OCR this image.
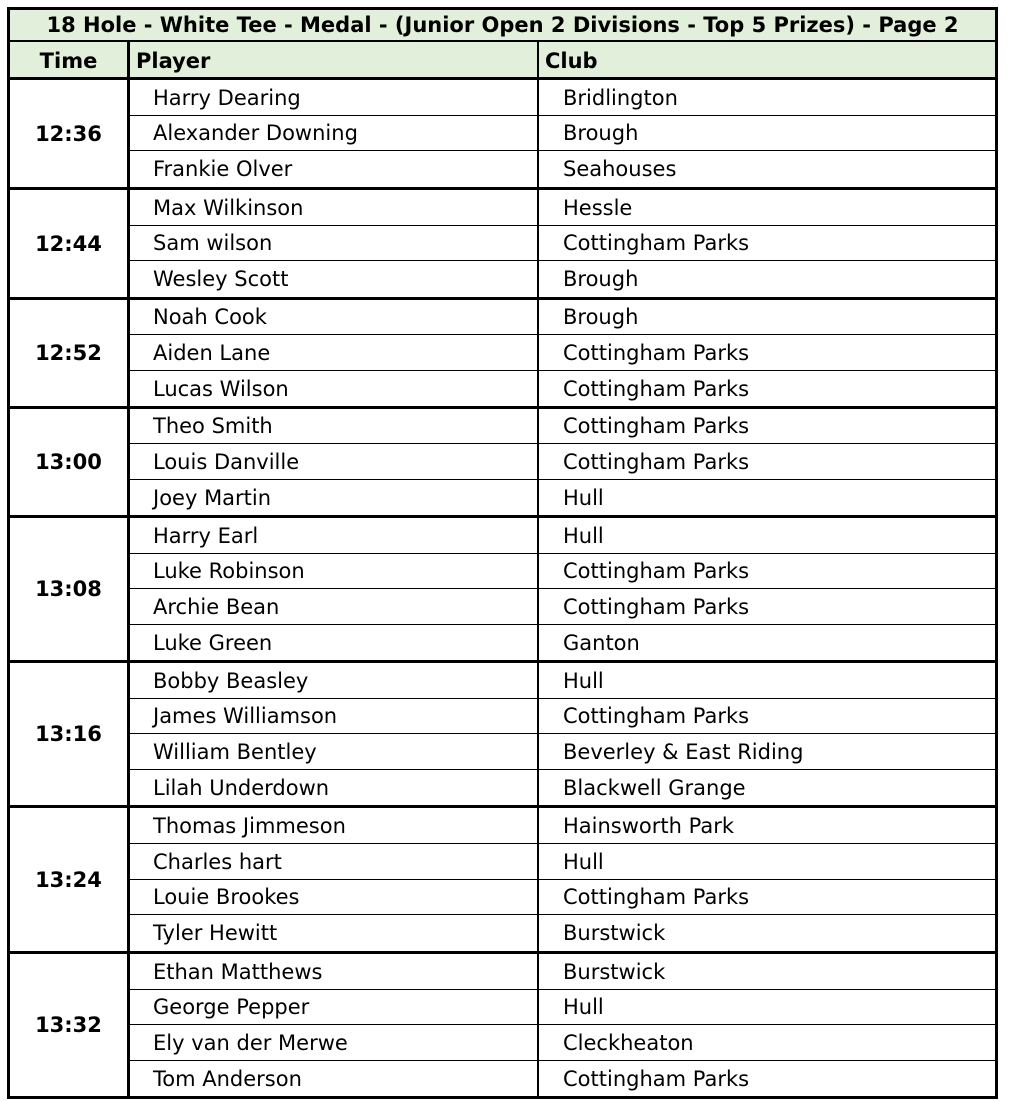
18 Hole - White Tee - Medal - (Junior Open 2 Divisions - Top 5 Prizes) - Page 2
Time	Player	Club
12:36
Harry Dearing	Bridlington
Alexander Downing	Brough
Frankie Olver	Seahouses
12:44
Max Wilkinson	Hessle
Sam wilson	Cottingham Parks
Wesley Scott	Brough
12:52
Noah Cook	Brough
Aiden Lane	Cottingham Parks
Lucas Wilson	Cottingham Parks
13:00
Theo Smith	Cottingham Parks
Louis Danville	Cottingham Parks
Joey Martin	Hull
13:08
Harry Earl	Hull
Luke Robinson	Cottingham Parks
Archie Bean	Cottingham Parks
Luke Green	Ganton
13:16
Bobby Beasley	Hull
James Williamson	Cottingham Parks
William Bentley	Beverley & East Riding
Lilah Underdown	Blackwell Grange
13:24
Thomas Jimmeson	Hainsworth Park
Charles hart	Hull
Louie Brookes	Cottingham Parks
Tyler Hewitt	Burstwick
13:32
Ethan Matthews	Burstwick
George Pepper	Hull
Ely van der Merwe	Cleckheaton
Tom Anderson	Cottingham Parks
